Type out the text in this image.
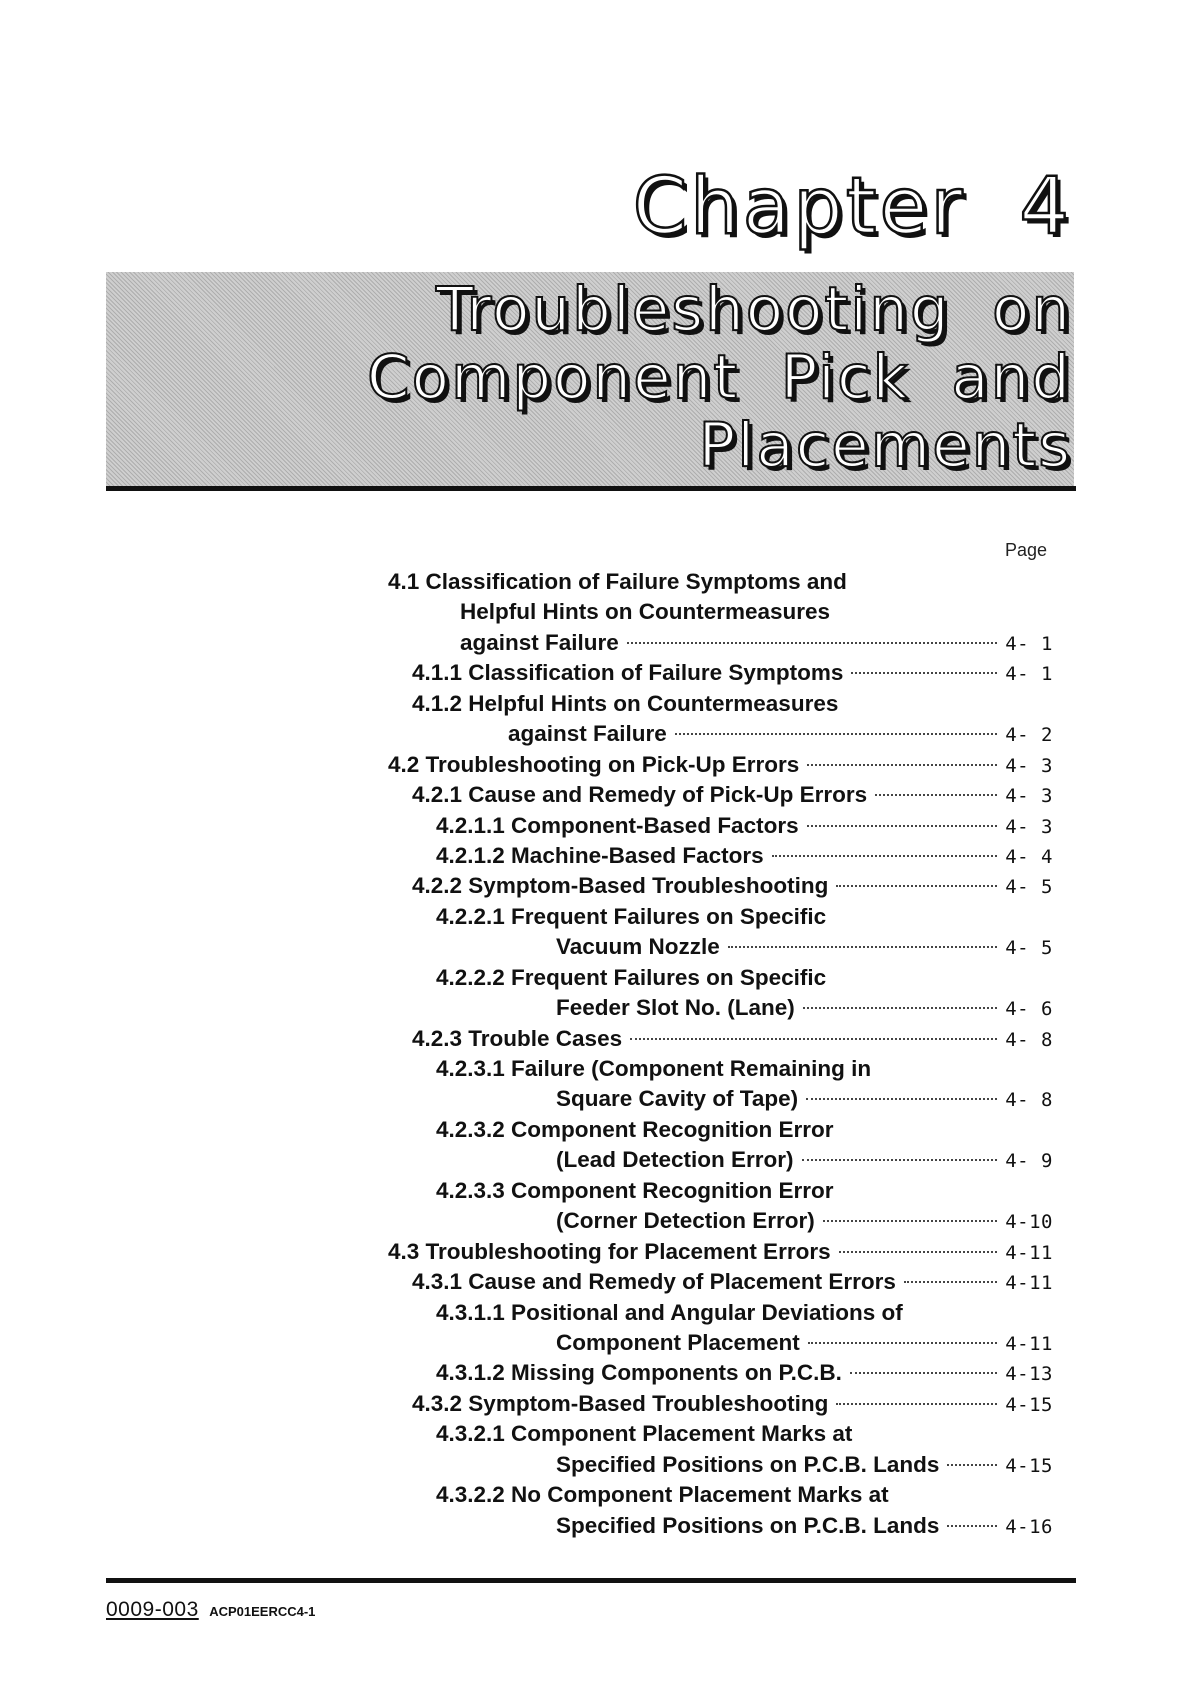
Chapter 4
Troubleshooting on
Component Pick and
Placements
Page
4.1 Classification of Failure Symptoms and
Helpful Hints on Countermeasures
against Failure	4- 1
4.1.1 Classification of Failure Symptoms	4- 1
4.1.2 Helpful Hints on Countermeasures
against Failure	4- 2
4.2 Troubleshooting on Pick-Up Errors	4- 3
4.2.1 Cause and Remedy of Pick-Up Errors	4- 3
4.2.1.1 Component-Based Factors	4- 3
4.2.1.2 Machine-Based Factors	4- 4
4.2.2 Symptom-Based Troubleshooting	4- 5
4.2.2.1 Frequent Failures on Specific
Vacuum Nozzle	4- 5
4.2.2.2 Frequent Failures on Specific
Feeder Slot No. (Lane)	4- 6
4.2.3 Trouble Cases	4- 8
4.2.3.1 Failure (Component Remaining in
Square Cavity of Tape)	4- 8
4.2.3.2 Component Recognition Error
(Lead Detection Error)	4- 9
4.2.3.3 Component Recognition Error
(Corner Detection Error)	4-10
4.3 Troubleshooting for Placement Errors	4-11
4.3.1 Cause and Remedy of Placement Errors	4-11
4.3.1.1 Positional and Angular Deviations of
Component Placement	4-11
4.3.1.2 Missing Components on P.C.B.	4-13
4.3.2 Symptom-Based Troubleshooting	4-15
4.3.2.1 Component Placement Marks at
Specified Positions on P.C.B. Lands	4-15
4.3.2.2 No Component Placement Marks at
Specified Positions on P.C.B. Lands	4-16
0009-003 ACP01EERCC4-1
